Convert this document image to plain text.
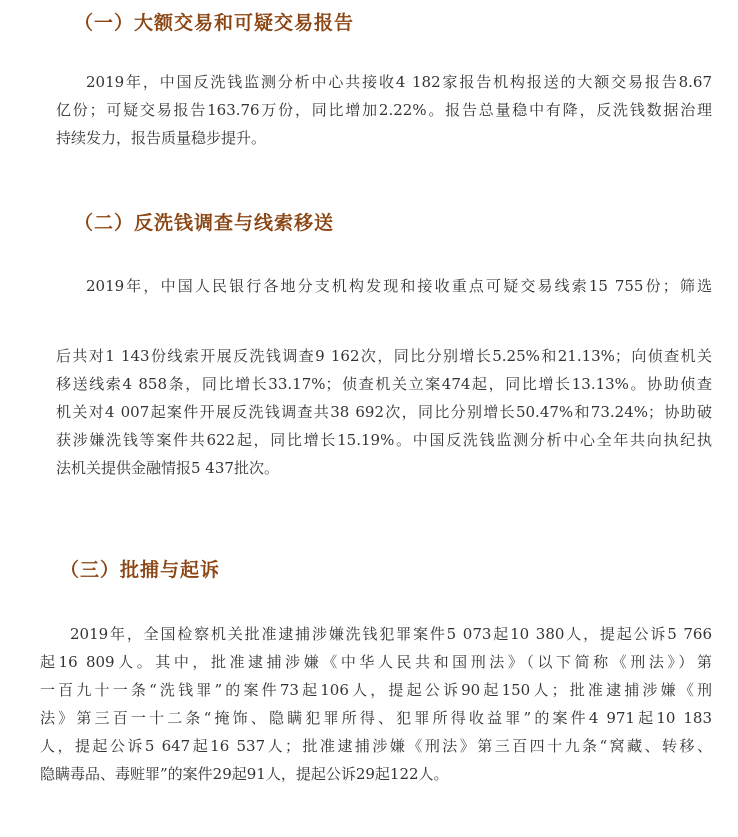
（一）大额交易和可疑交易报告
2019年，中国反洗钱监测分析中心共接收4 182家报告机构报送的大额交易报告8.67
亿份；可疑交易报告163.76万份，同比增加2.22%。报告总量稳中有降，反洗钱数据治理
持续发力，报告质量稳步提升。
（二）反洗钱调查与线索移送
2019年，中国人民银行各地分支机构发现和接收重点可疑交易线索15 755份；筛选
后共对1 143份线索开展反洗钱调查9 162次，同比分别增长5.25%和21.13%；向侦查机关
移送线索4 858条，同比增长33.17%；侦查机关立案474起，同比增长13.13%。协助侦查
机关对4 007起案件开展反洗钱调查共38 692次，同比分别增长50.47%和73.24%；协助破
获涉嫌洗钱等案件共622起，同比增长15.19%。中国反洗钱监测分析中心全年共向执纪执
法机关提供金融情报5 437批次。
（三）批捕与起诉
2019年，全国检察机关批准逮捕涉嫌洗钱犯罪案件5 073起10 380人，提起公诉5 766
起16 809人。其中，批准逮捕涉嫌《中华人民共和国刑法》（以下简称《刑法》）第
一百九十一条“洗钱罪”的案件73起106人，提起公诉90起150人；批准逮捕涉嫌《刑
法》第三百一十二条“掩饰、隐瞒犯罪所得、犯罪所得收益罪”的案件4 971起10 183
人，提起公诉5 647起16 537人；批准逮捕涉嫌《刑法》第三百四十九条“窝藏、转移、
隐瞒毒品、毒赃罪”的案件29起91人，提起公诉29起122人。
